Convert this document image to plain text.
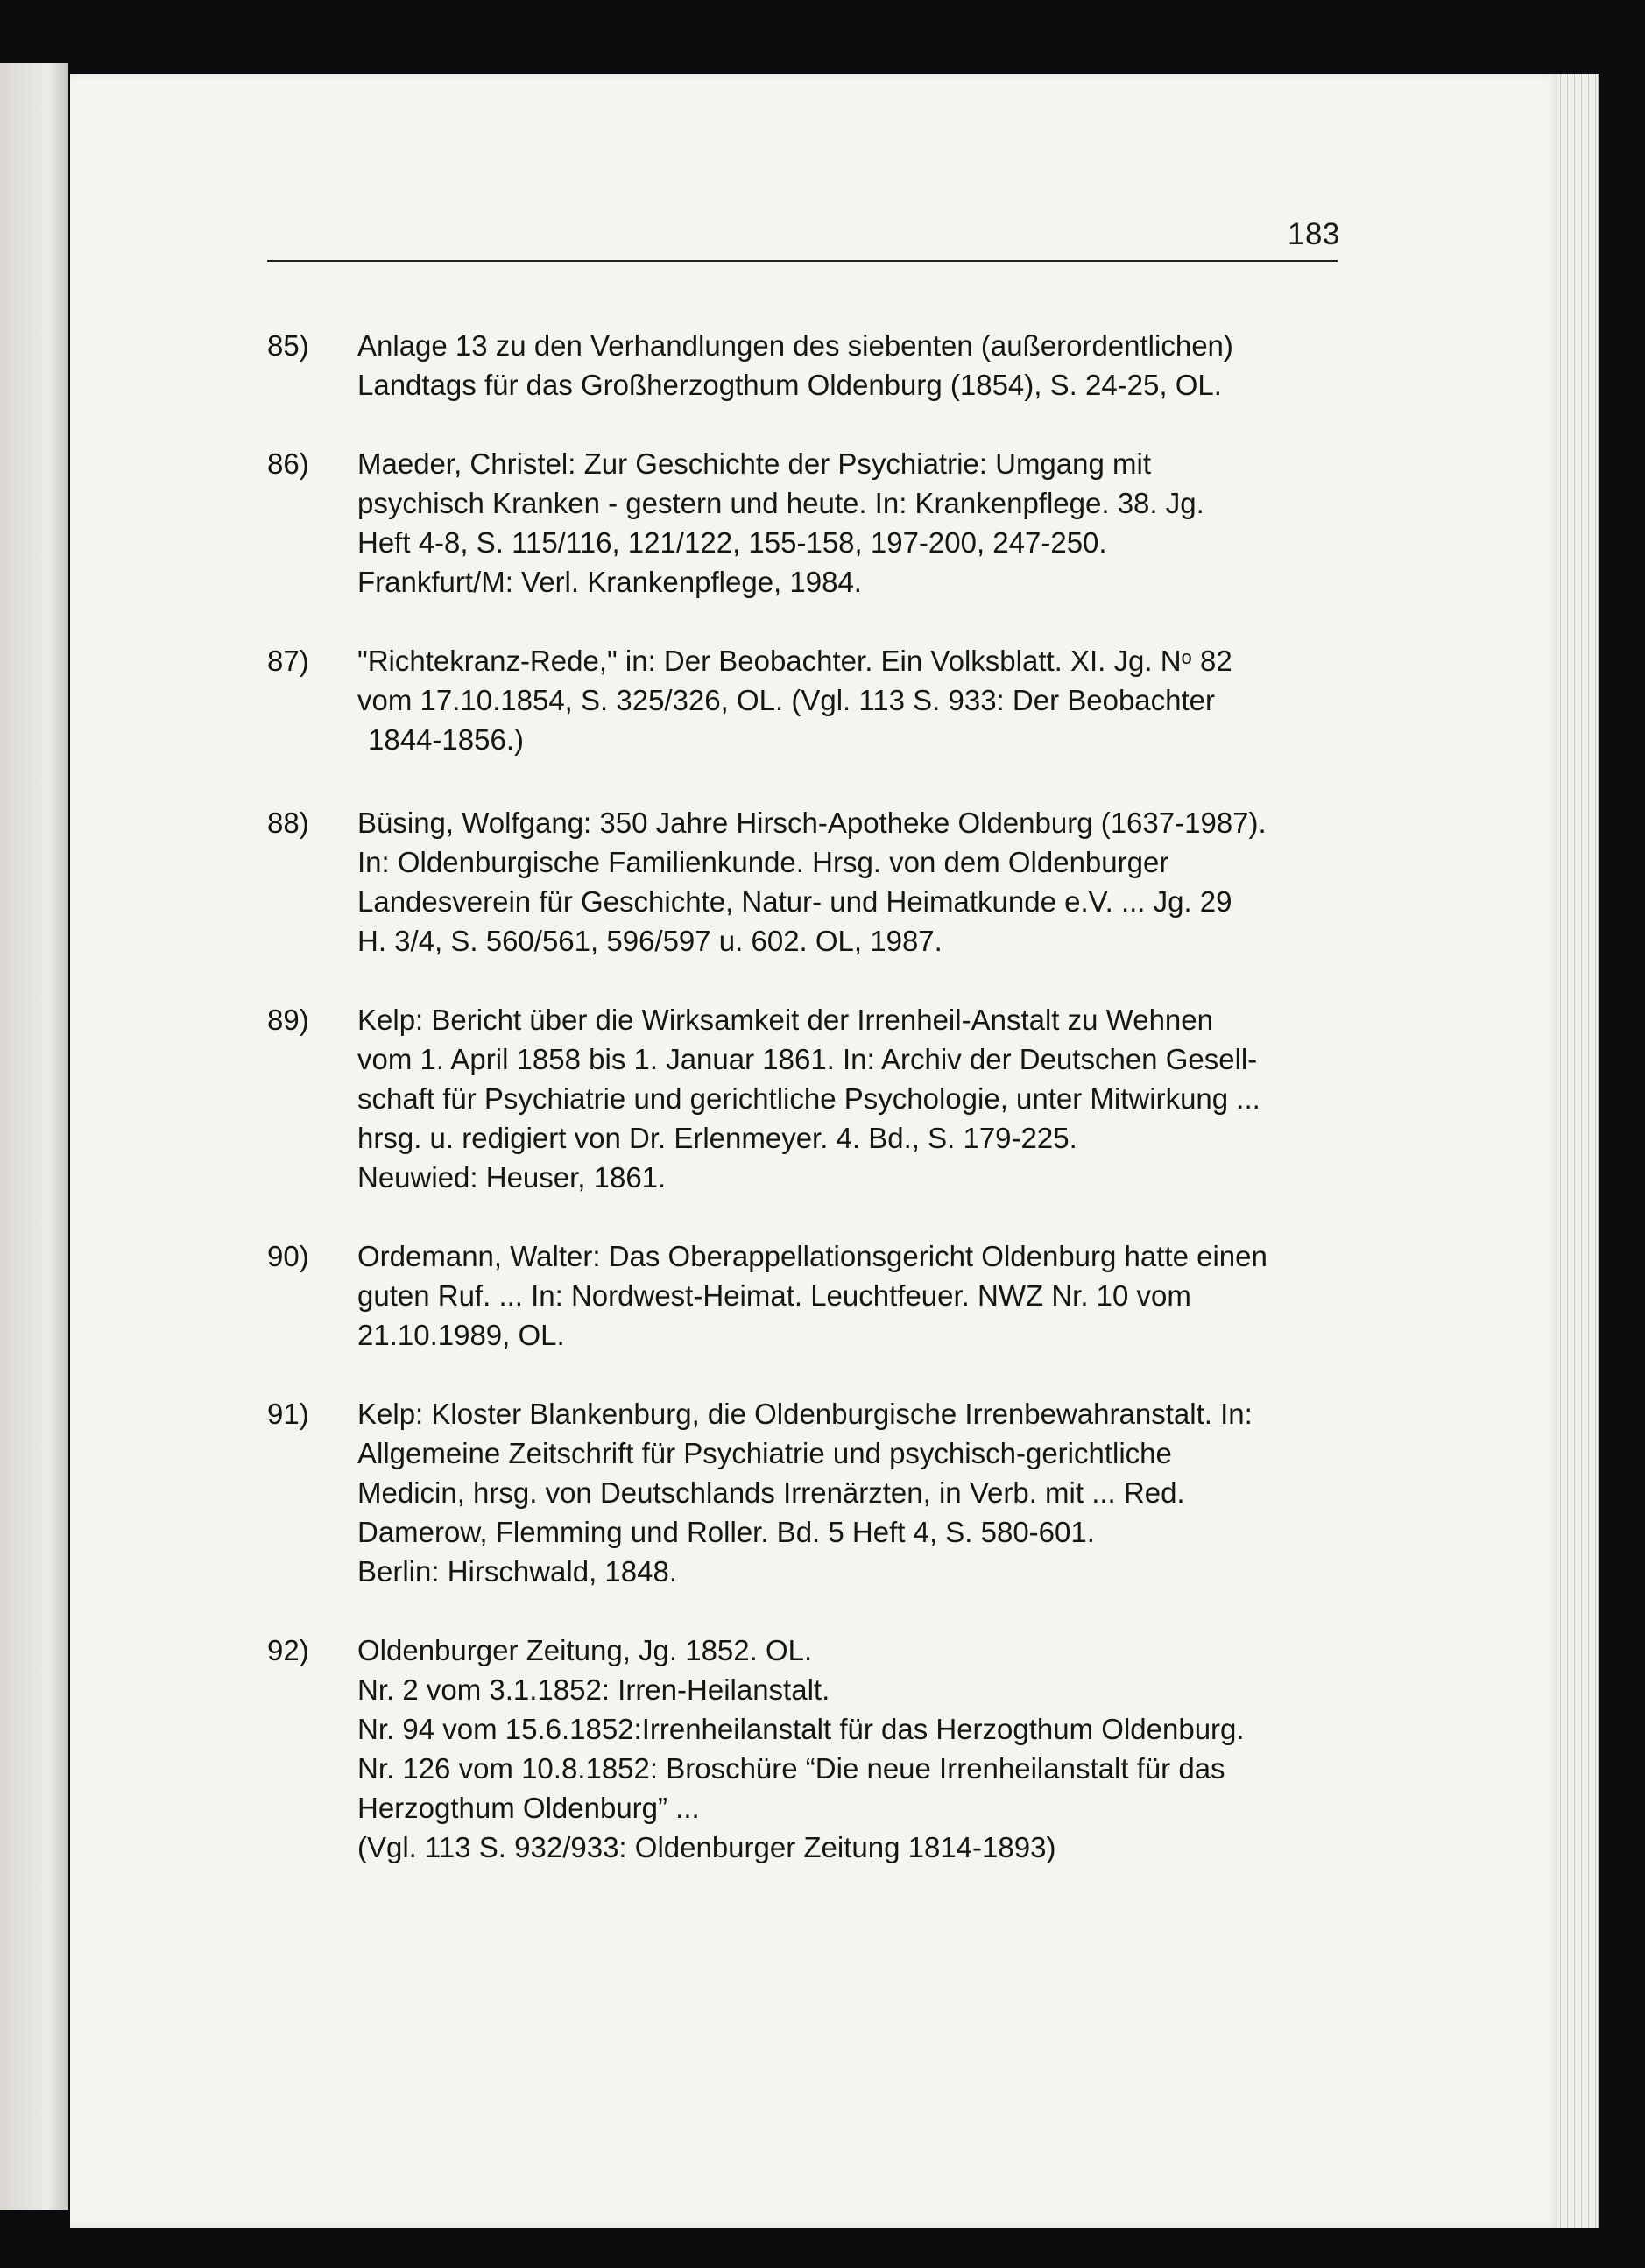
183
85) Anlage 13 zu den Verhandlungen des siebenten (außerordentlichen)
Landtags für das Großherzogthum Oldenburg (1854), S. 24-25, OL.
86) Maeder, Christel: Zur Geschichte der Psychiatrie: Umgang mit
psychisch Kranken - gestern und heute. In: Krankenpflege. 38. Jg.
Heft 4-8, S. 115/116, 121/122, 155-158, 197-200, 247-250.
Frankfurt/M: Verl. Krankenpflege, 1984.
87) "Richtekranz-Rede," in: Der Beobachter. Ein Volksblatt. XI. Jg. $N^o$ 82
vom 17.10.1854, S. 325/326, OL. (Vgl. 113 S. 933: Der Beobachter
1844-1856.)
88) Büsing, Wolfgang: 350 Jahre Hirsch-Apotheke Oldenburg (1637-1987).
In: Oldenburgische Familienkunde. Hrsg. von dem Oldenburger
Landesverein für Geschichte, Natur- und Heimatkunde e.V. ... Jg. 29
H. 3/4, S. 560/561, 596/597 u. 602. OL, 1987.
89) Kelp: Bericht über die Wirksamkeit der Irrenheil-Anstalt zu Wehnen
vom 1. April 1858 bis 1. Januar 1861. In: Archiv der Deutschen Gesell-
schaft für Psychiatrie und gerichtliche Psychologie, unter Mitwirkung ...
hrsg. u. redigiert von Dr. Erlenmeyer. 4. Bd., S. 179-225.
Neuwied: Heuser, 1861.
90) Ordemann, Walter: Das Oberappellationsgericht Oldenburg hatte einen
guten Ruf. ... In: Nordwest-Heimat. Leuchtfeuer. NWZ Nr. 10 vom
21.10.1989, OL.
91) Kelp: Kloster Blankenburg, die Oldenburgische Irrenbewahranstalt. In:
Allgemeine Zeitschrift für Psychiatrie und psychisch-gerichtliche
Medicin, hrsg. von Deutschlands Irrenärzten, in Verb. mit ... Red.
Damerow, Flemming und Roller. Bd. 5 Heft 4, S. 580-601.
Berlin: Hirschwald, 1848.
92) Oldenburger Zeitung, Jg. 1852. OL.
Nr. 2 vom 3.1.1852: Irren-Heilanstalt.
Nr. 94 vom 15.6.1852:Irrenheilanstalt für das Herzogthum Oldenburg.
Nr. 126 vom 10.8.1852: Broschüre “Die neue Irrenheilanstalt für das
Herzogthum Oldenburg” ...
(Vgl. 113 S. 932/933: Oldenburger Zeitung 1814-1893)
